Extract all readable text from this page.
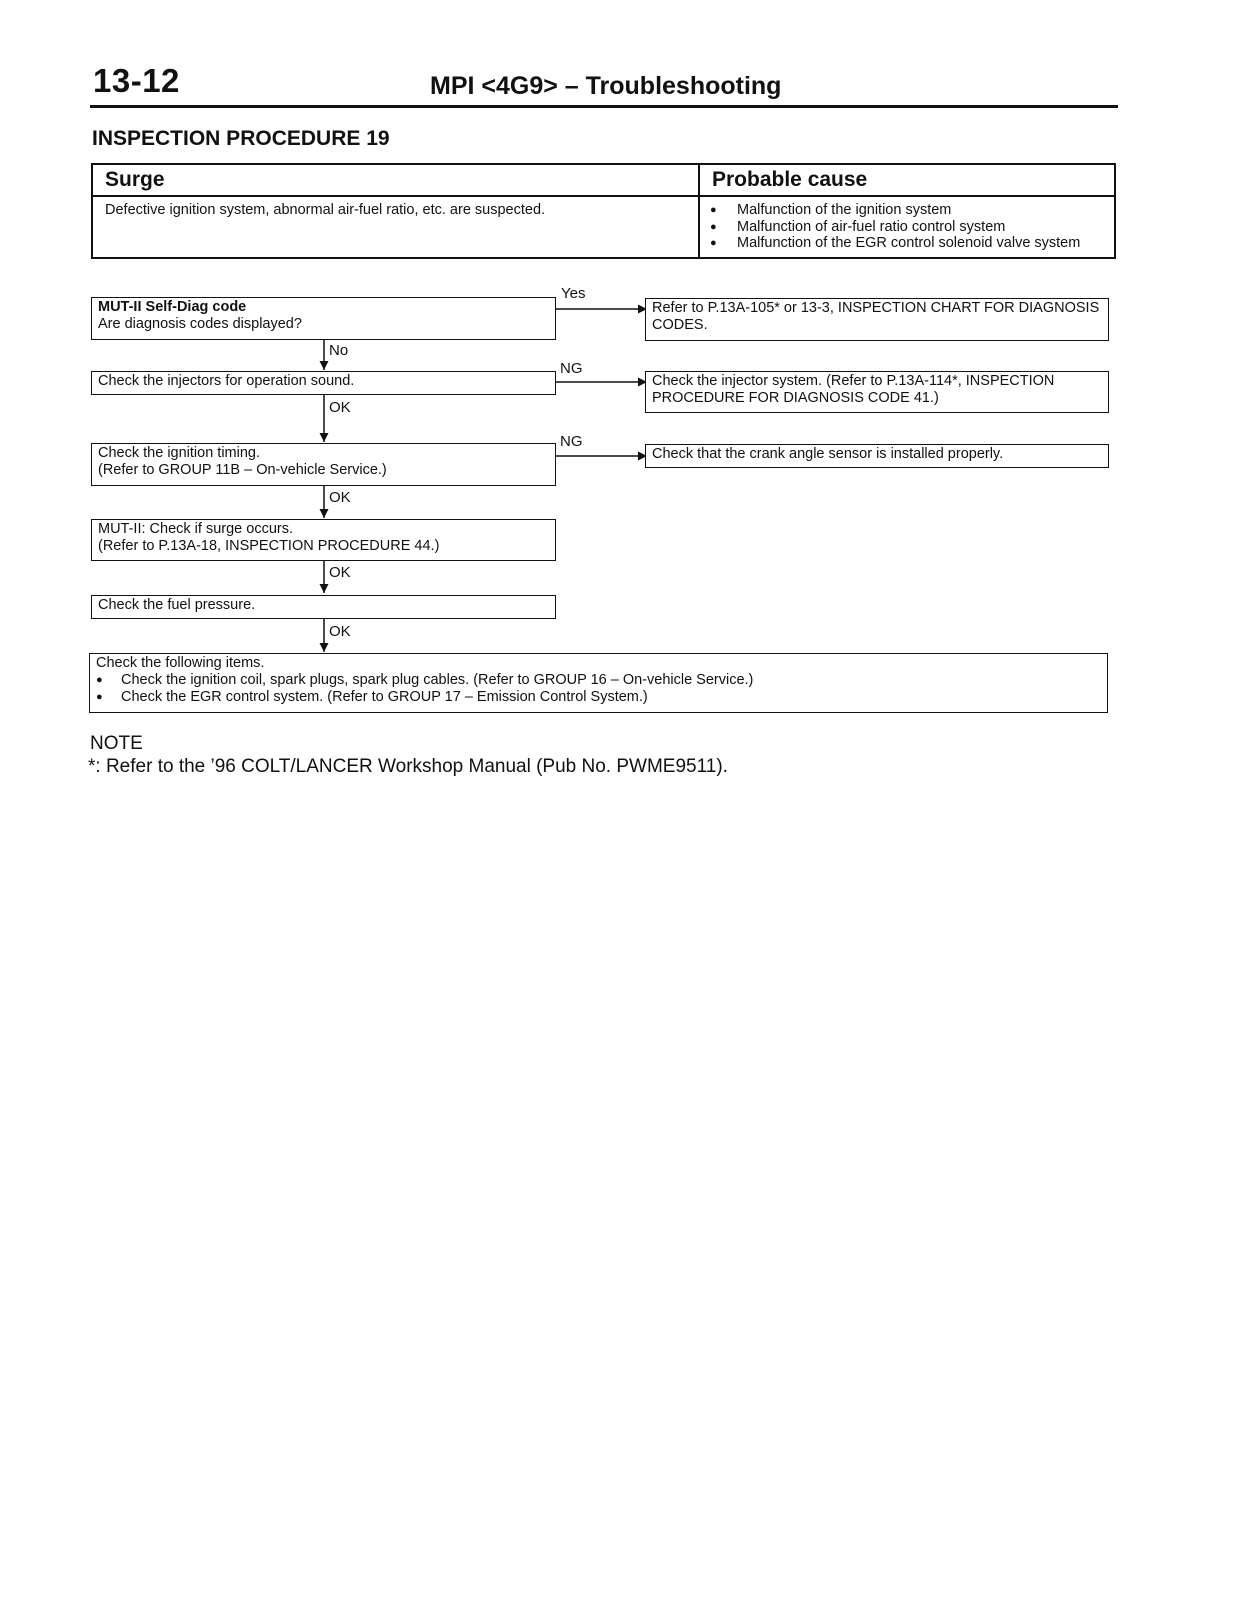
13-12	MPI <4G9> – Troubleshooting
INSPECTION PROCEDURE 19
Surge
Defective ignition system, abnormal air-fuel ratio, etc. are suspected.
Probable cause
● Malfunction of the ignition system
● Malfunction of air-fuel ratio control system
● Malfunction of the EGR control solenoid valve system
MUT-II Self-Diag code
Are diagnosis codes displayed?
Yes
Refer to P.13A-105* or 13-3, INSPECTION CHART FOR DIAGNOSIS CODES.
No
Check the injectors for operation sound.
NG
Check the injector system. (Refer to P.13A-114*, INSPECTION PROCEDURE FOR DIAGNOSIS CODE 41.)
OK
Check the ignition timing.
(Refer to GROUP 11B – On-vehicle Service.)
NG
Check that the crank angle sensor is installed properly.
OK
MUT-II: Check if surge occurs.
(Refer to P.13A-18, INSPECTION PROCEDURE 44.)
OK
Check the fuel pressure.
OK
Check the following items.
● Check the ignition coil, spark plugs, spark plug cables. (Refer to GROUP 16 – On-vehicle Service.)
● Check the EGR control system. (Refer to GROUP 17 – Emission Control System.)
NOTE
*: Refer to the ’96 COLT/LANCER Workshop Manual (Pub No. PWME9511).
